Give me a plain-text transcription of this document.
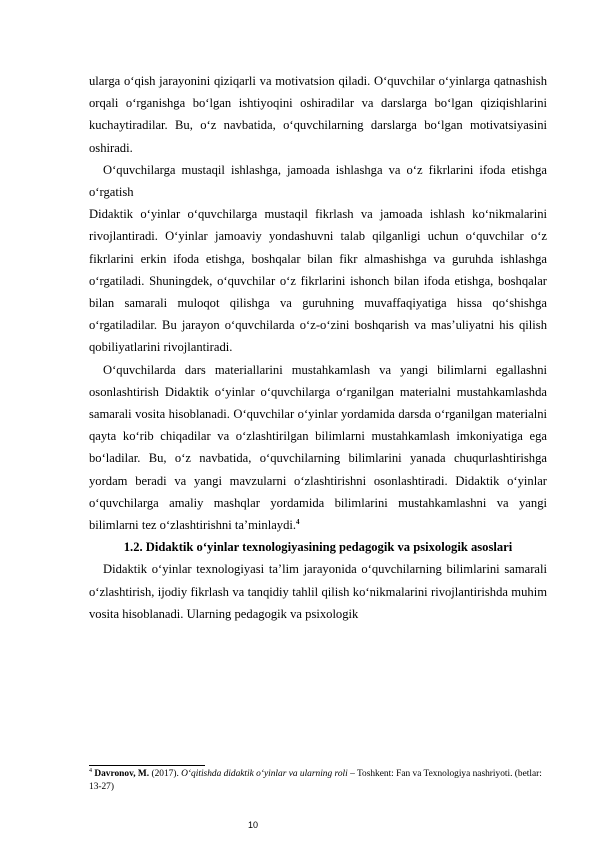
ularga o‘qish jarayonini qiziqarli va motivatsion qiladi. O‘quvchilar o‘yinlarga qatnashish orqali o‘rganishga bo‘lgan ishtiyoqini oshiradilar va darslarga bo‘lgan qiziqishlarini kuchaytiradilar. Bu, o‘z navbatida, o‘quvchilarning darslarga bo‘lgan motivatsiyasini oshiradi.

O‘quvchilarga mustaqil ishlashga, jamoada ishlashga va o‘z fikrlarini ifoda etishga o‘rgatish

Didaktik o‘yinlar o‘quvchilarga mustaqil fikrlash va jamoada ishlash ko‘nikmalarini rivojlantiradi. O‘yinlar jamoaviy yondashuvni talab qilganligi uchun o‘quvchilar o‘z fikrlarini erkin ifoda etishga, boshqalar bilan fikr almashishga va guruhda ishlashga o‘rgatiladi. Shuningdek, o‘quvchilar o‘z fikrlarini ishonch bilan ifoda etishga, boshqalar bilan samarali muloqot qilishga va guruhning muvaffaqiyatiga hissa qo‘shishga o‘rgatiladilar. Bu jarayon o‘quvchilarda o‘z-o‘zini boshqarish va mas’uliyatni his qilish qobiliyatlarini rivojlantiradi.

O‘quvchilarda dars materiallarini mustahkamlash va yangi bilimlarni egallashni osonlashtirish Didaktik o‘yinlar o‘quvchilarga o‘rganilgan materialni mustahkamlashda samarali vosita hisoblanadi. O‘quvchilar o‘yinlar yordamida darsda o‘rganilgan materialni qayta ko‘rib chiqadilar va o‘zlashtirilgan bilimlarni mustahkamlash imkoniyatiga ega bo‘ladilar. Bu, o‘z navbatida, o‘quvchilarning bilimlarini yanada chuqurlashtirishga yordam beradi va yangi mavzularni o‘zlashtirishni osonlashtiradi. Didaktik o‘yinlar o‘quvchilarga amaliy mashqlar yordamida bilimlarini mustahkamlashni va yangi bilimlarni tez o‘zlashtirishni ta’minlaydi.$^4$

1.2. Didaktik o‘yinlar texnologiyasining pedagogik va psixologik asoslari

Didaktik o‘yinlar texnologiyasi ta’lim jarayonida o‘quvchilarning bilimlarini samarali o‘zlashtirish, ijodiy fikrlash va tanqidiy tahlil qilish ko‘nikmalarini rivojlantirishda muhim vosita hisoblanadi. Ularning pedagogik va psixologik

$^4$ Davronov, M. (2017). O‘qitishda didaktik o‘yinlar va ularning roli – Toshkent: Fan va Texnologiya nashriyoti. (betlar: 13-27)
10
